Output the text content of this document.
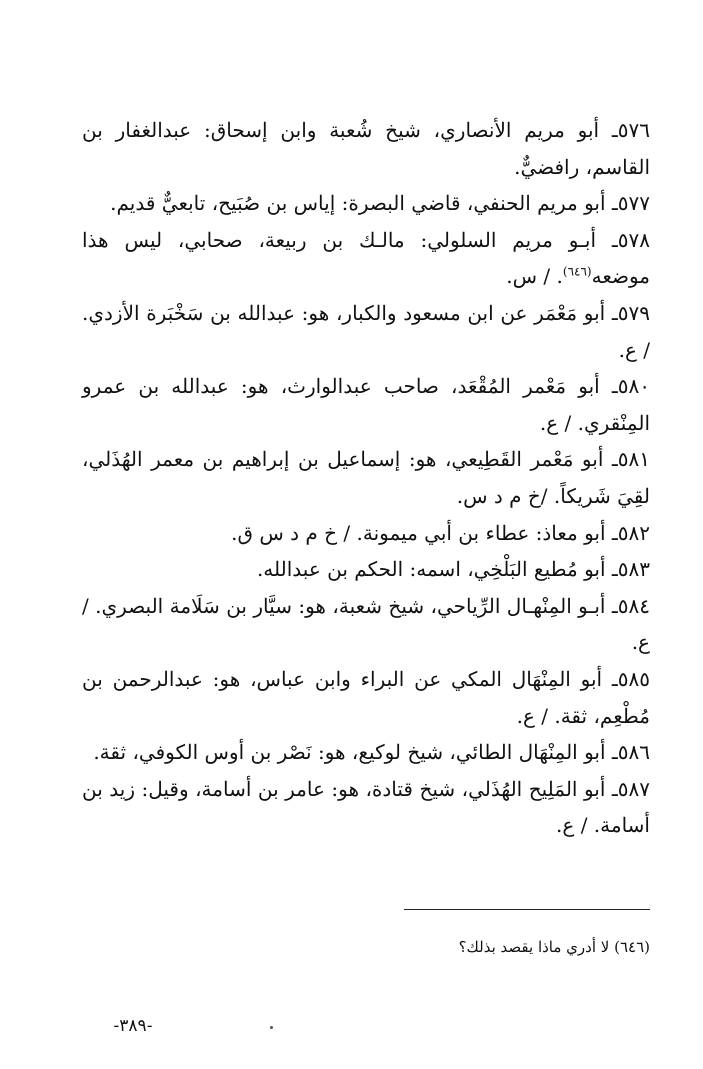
٥٧٦ـ أبو مريم الأنصاري، شيخ شُعبة وابن إسحاق: عبدالغفار بن القاسم، رافضيٌّ.

٥٧٧ـ أبو مريم الحنفي، قاضي البصرة: إياس بن صُبَيح، تابعيٌّ قديم.

٥٧٨ـ أبـو مريم السلولي: مالـك بن ربيعة، صحابي، ليس هذا موضعه$^{(٦٤٦)}$. / س.

٥٧٩ـ أبو مَعْمَر عن ابن مسعود والكبار، هو: عبدالله بن سَخْبَرة الأزدي. / ع.

٥٨٠ـ أبو مَعْمر المُقْعَد، صاحب عبدالوارث، هو: عبدالله بن عمرو المِنْقري. / ع.

٥٨١ـ أبو مَعْمر القَطِيعي، هو: إسماعيل بن إبراهيم بن معمر الهُذَلي، لقِيَ شَريكاً. /خ م د س.

٥٨٢ـ أبو معاذ: عطاء بن أبي ميمونة. / خ م د س ق.

٥٨٣ـ أبو مُطيع البَلْخِي، اسمه: الحكم بن عبدالله.

٥٨٤ـ أبـو المِنْهـال الرِّياحي، شيخ شعبة، هو: سيَّار بن سَلَامة البصري. / ع.

٥٨٥ـ أبو المِنْهَال المكي عن البراء وابن عباس، هو: عبدالرحمن بن مُطْعِم، ثقة. / ع.

٥٨٦ـ أبو المِنْهَال الطائي، شيخ لوكيع، هو: نَصْر بن أوس الكوفي، ثقة.

٥٨٧ـ أبو المَلِيح الهُذَلي، شيخ قتادة، هو: عامر بن أسامة، وقيل: زيد بن أسامة. / ع.

(٦٤٦) لا أدري ماذا يقصد بذلك؟
-٣٨٩-
